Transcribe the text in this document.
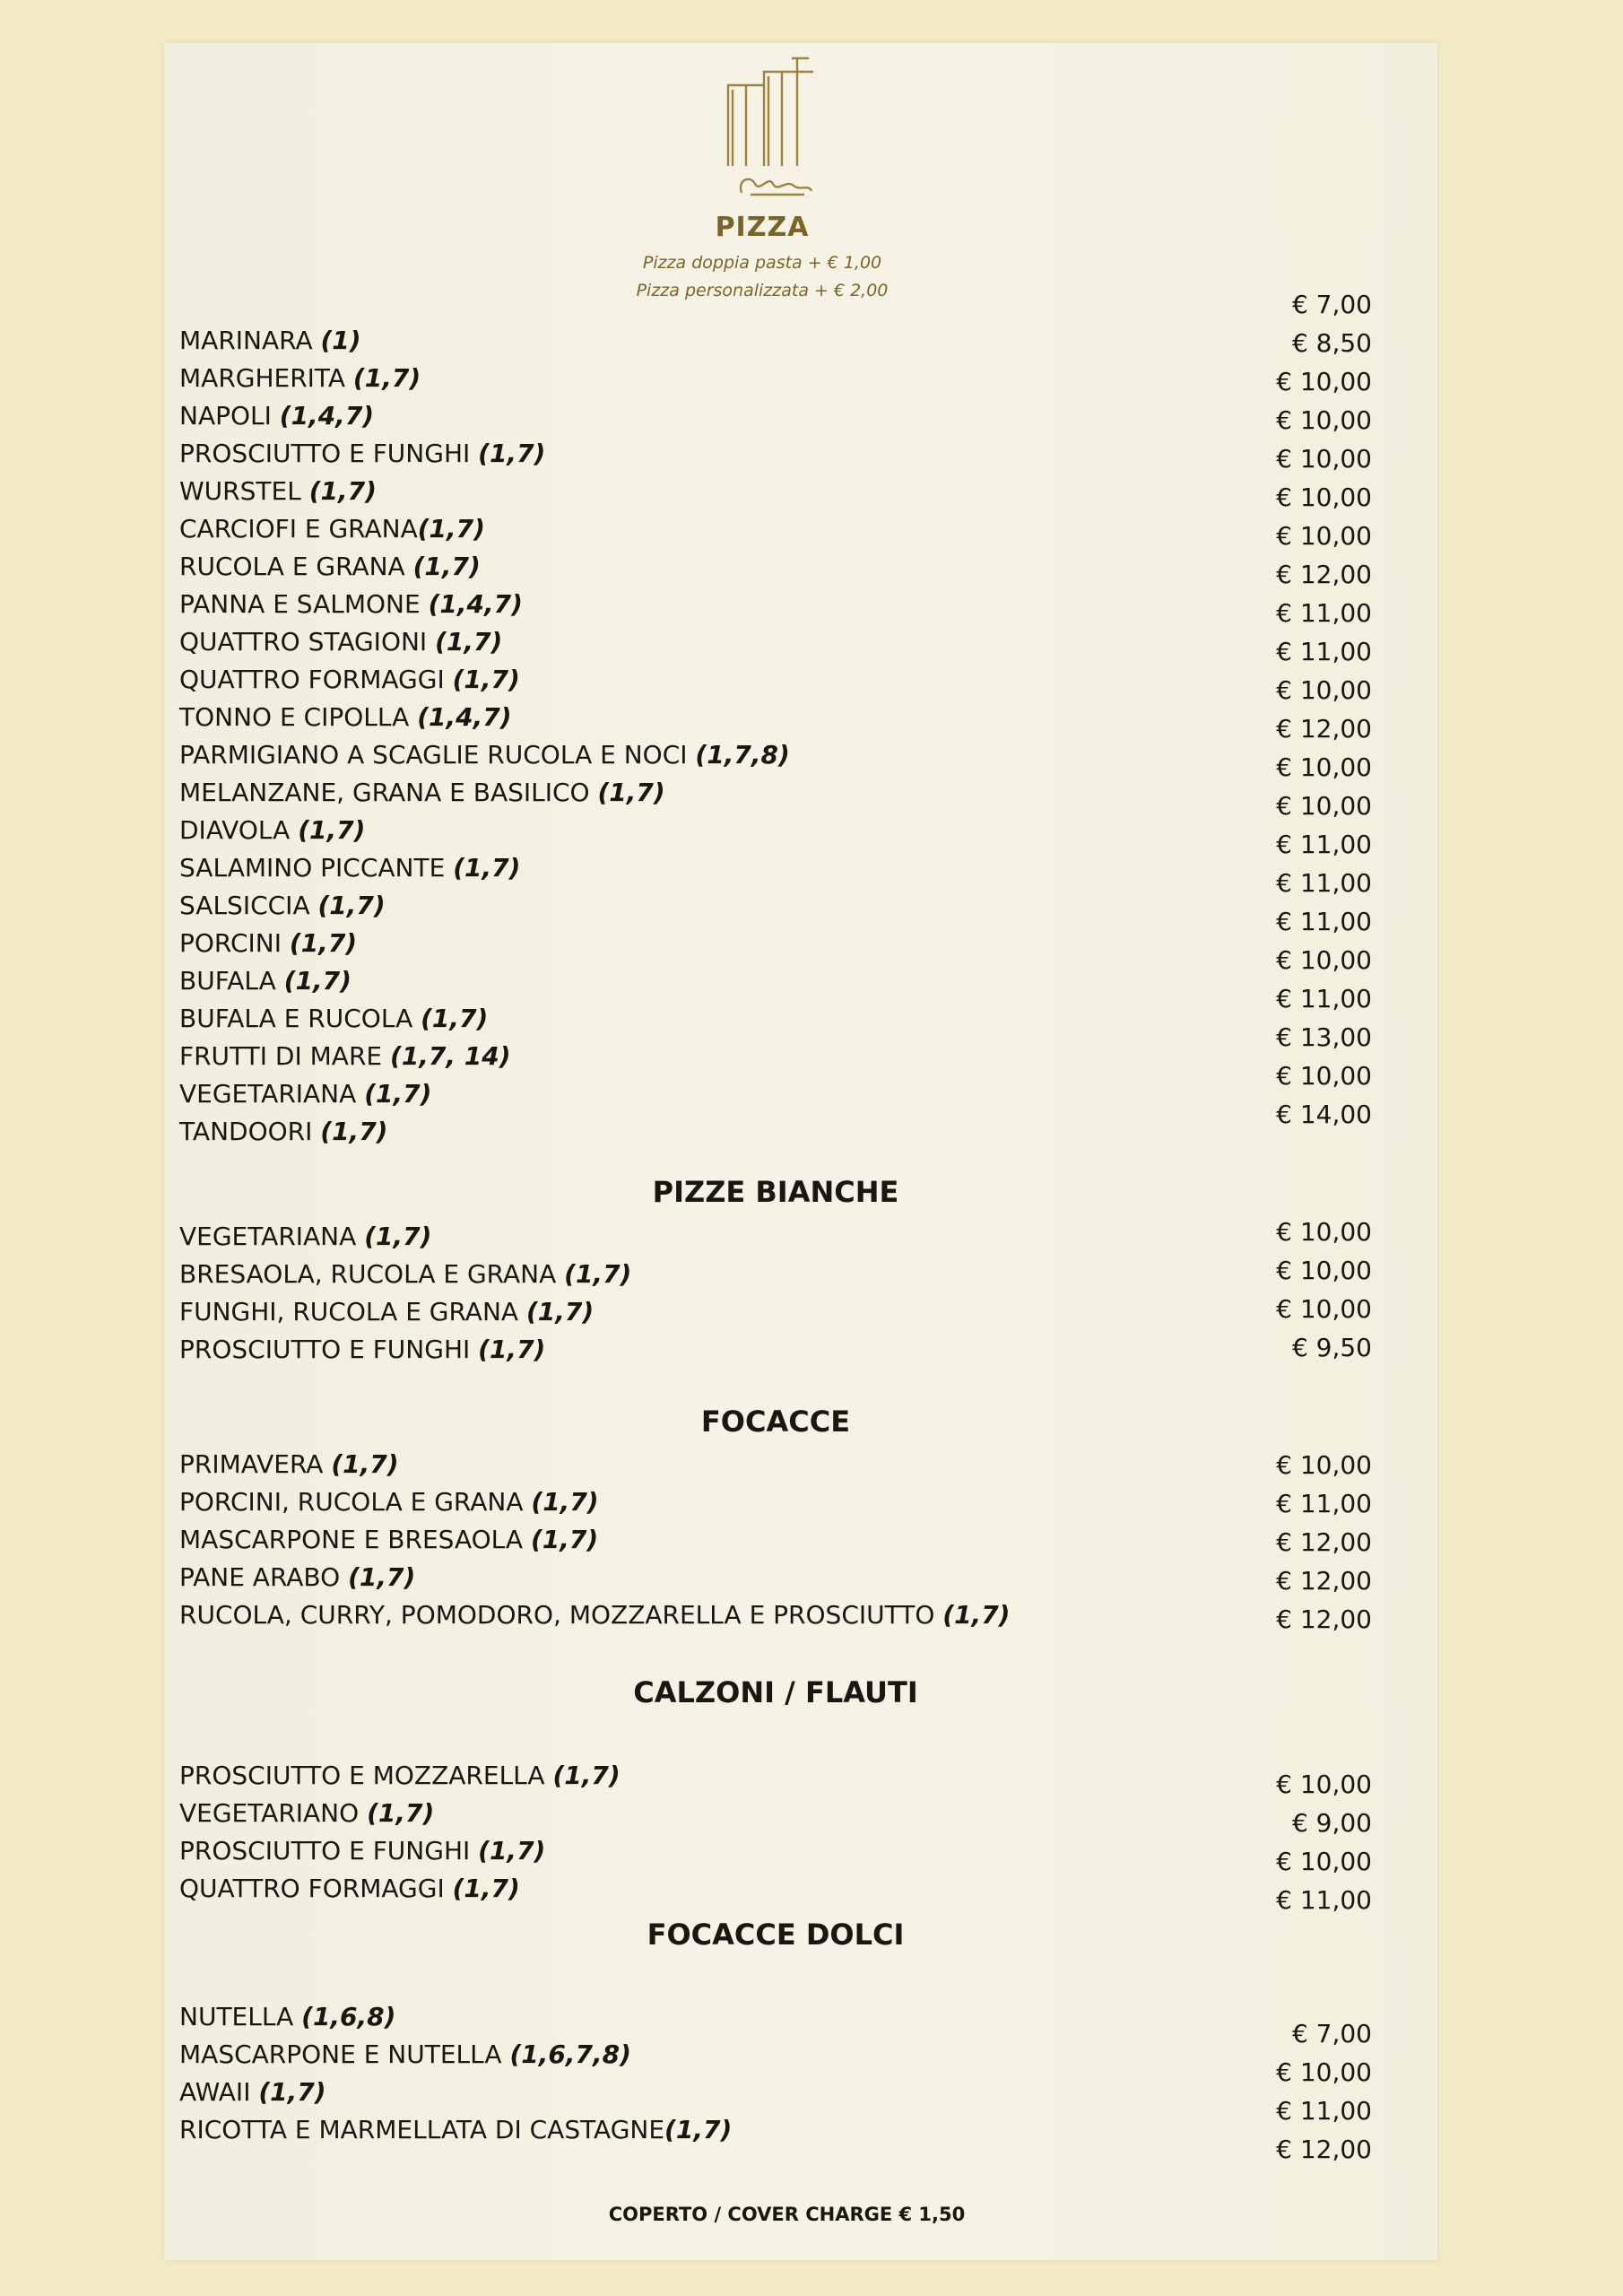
PIZZA
Pizza doppia pasta + € 1,00
Pizza personalizzata + € 2,00
MARINARA (1)
MARGHERITA (1,7)
NAPOLI (1,4,7)
PROSCIUTTO E FUNGHI (1,7)
WURSTEL (1,7)
CARCIOFI E GRANA(1,7)
RUCOLA E GRANA (1,7)
PANNA E SALMONE (1,4,7)
QUATTRO STAGIONI (1,7)
QUATTRO FORMAGGI (1,7)
TONNO E CIPOLLA (1,4,7)
PARMIGIANO A SCAGLIE RUCOLA E NOCI (1,7,8)
MELANZANE, GRANA E BASILICO (1,7)
DIAVOLA (1,7)
SALAMINO PICCANTE (1,7)
SALSICCIA (1,7)
PORCINI (1,7)
BUFALA (1,7)
BUFALA E RUCOLA (1,7)
FRUTTI DI MARE (1,7, 14)
VEGETARIANA (1,7)
TANDOORI (1,7)
€ 7,00
€ 8,50
€ 10,00
€ 10,00
€ 10,00
€ 10,00
€ 10,00
€ 12,00
€ 11,00
€ 11,00
€ 10,00
€ 12,00
€ 10,00
€ 10,00
€ 11,00
€ 11,00
€ 11,00
€ 10,00
€ 11,00
€ 13,00
€ 10,00
€ 14,00
PIZZE BIANCHE
VEGETARIANA (1,7)
BRESAOLA, RUCOLA E GRANA (1,7)
FUNGHI, RUCOLA E GRANA (1,7)
PROSCIUTTO E FUNGHI (1,7)
€ 10,00
€ 10,00
€ 10,00
€ 9,50
FOCACCE
PRIMAVERA (1,7)
PORCINI, RUCOLA E GRANA (1,7)
MASCARPONE E BRESAOLA (1,7)
PANE ARABO (1,7)
RUCOLA, CURRY, POMODORO, MOZZARELLA E PROSCIUTTO (1,7)
€ 10,00
€ 11,00
€ 12,00
€ 12,00
€ 12,00
CALZONI / FLAUTI
PROSCIUTTO E MOZZARELLA (1,7)
VEGETARIANO (1,7)
PROSCIUTTO E FUNGHI (1,7)
QUATTRO FORMAGGI (1,7)
€ 10,00
€ 9,00
€ 10,00
€ 11,00
FOCACCE DOLCI
NUTELLA (1,6,8)
MASCARPONE E NUTELLA (1,6,7,8)
AWAII (1,7)
RICOTTA E MARMELLATA DI CASTAGNE(1,7)
€ 7,00
€ 10,00
€ 11,00
€ 12,00
COPERTO / COVER CHARGE € 1,50
